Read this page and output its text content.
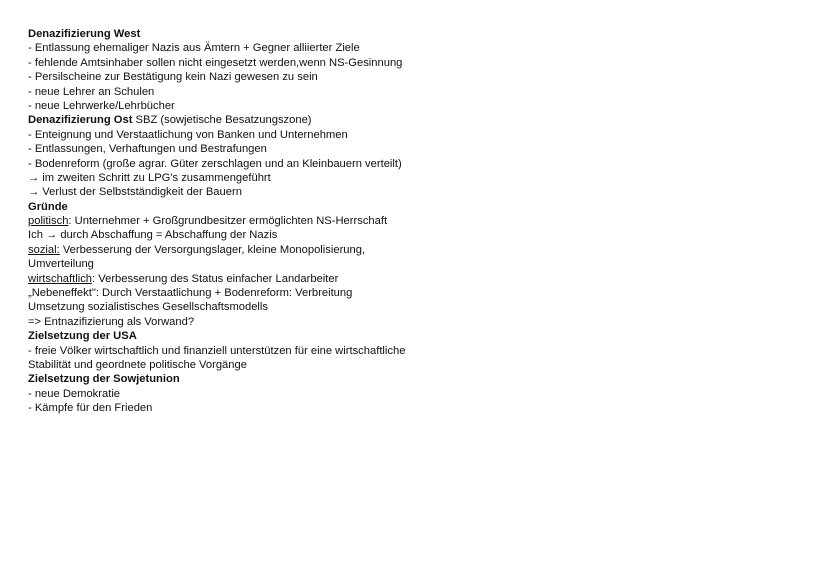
Denazifizierung West
- Entlassung ehemaliger Nazis aus Ämtern + Gegner alliierter Ziele
- fehlende Amtsinhaber sollen nicht eingesetzt werden,wenn NS-Gesinnung
- Persilscheine zur Bestätigung kein Nazi gewesen zu sein
- neue Lehrer an Schulen
- neue Lehrwerke/Lehrbücher
Denazifizierung Ost SBZ (sowjetische Besatzungszone)
- Enteignung und Verstaatlichung von Banken und Unternehmen
- Entlassungen, Verhaftungen und Bestrafungen
- Bodenreform (große agrar. Güter zerschlagen und an Kleinbauern verteilt)
→ im zweiten Schritt zu LPG's zusammengeführt
→ Verlust der Selbstständigkeit der Bauern
Gründe
politisch: Unternehmer + Großgrundbesitzer ermöglichten NS-Herrschaft
Ich → durch Abschaffung = Abschaffung der Nazis
sozial: Verbesserung der Versorgungslager, kleine Monopolisierung,
Umverteilung
wirtschaftlich: Verbesserung des Status einfacher Landarbeiter
„Nebeneffekt": Durch Verstaatlichung + Bodenreform: Verbreitung
Umsetzung sozialistisches Gesellschaftsmodells
=> Entnazifizierung als Vorwand?
Zielsetzung der USA
- freie Völker wirtschaftlich und finanziell unterstützen für eine wirtschaftliche
Stabilität und geordnete politische Vorgänge
Zielsetzung der Sowjetunion
- neue Demokratie
- Kämpfe für den Frieden
